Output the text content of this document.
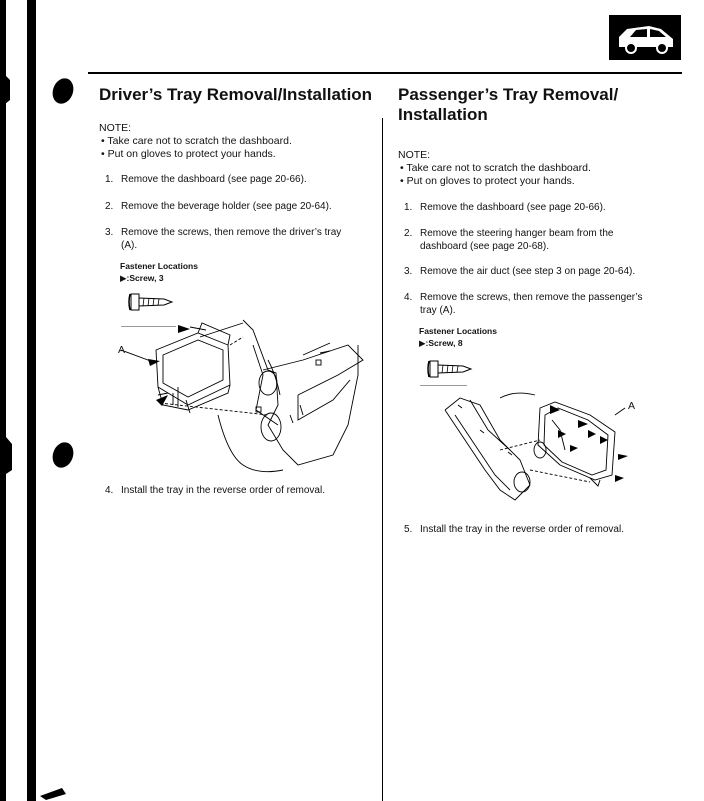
Driver’s Tray Removal/Installation
NOTE:
• Take care not to scratch the dashboard.
• Put on gloves to protect your hands.
1. Remove the dashboard (see page 20-66).
2. Remove the beverage holder (see page 20-64).
3. Remove the screws, then remove the driver’s tray
(A).
Fastener Locations
▶:Screw, 3
A
4. Install the tray in the reverse order of removal.
Passenger’s Tray Removal/
Installation
NOTE:
• Take care not to scratch the dashboard.
• Put on gloves to protect your hands.
1. Remove the dashboard (see page 20-66).
2. Remove the steering hanger beam from the
dashboard (see page 20-68).
3. Remove the air duct (see step 3 on page 20-64).
4. Remove the screws, then remove the passenger’s
tray (A).
Fastener Locations
▶:Screw, 8
A
5. Install the tray in the reverse order of removal.
